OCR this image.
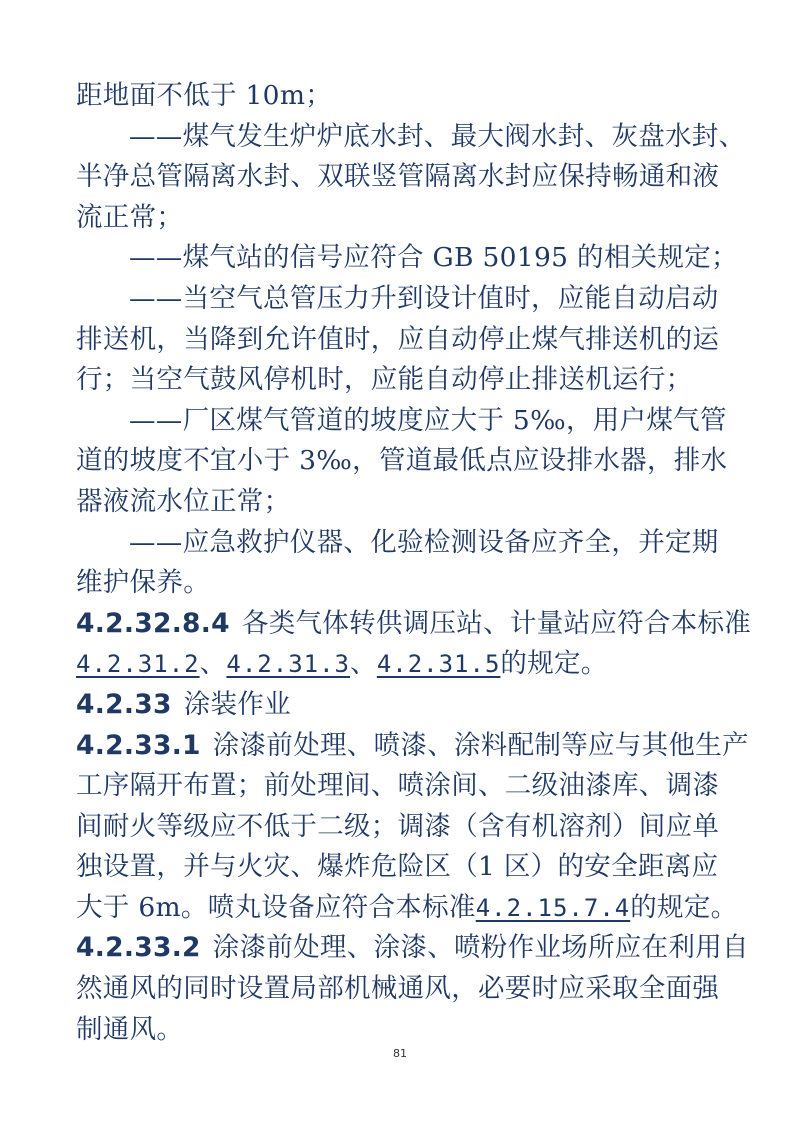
距地面不低于 10m；
——煤气发生炉炉底水封、最大阀水封、灰盘水封、
半净总管隔离水封、双联竖管隔离水封应保持畅通和液
流正常；
——煤气站的信号应符合 GB 50195 的相关规定；
——当空气总管压力升到设计值时，应能自动启动
排送机，当降到允许值时，应自动停止煤气排送机的运
行；当空气鼓风停机时，应能自动停止排送机运行；
——厂区煤气管道的坡度应大于 5‰，用户煤气管
道的坡度不宜小于 3‰，管道最低点应设排水器，排水
器液流水位正常；
——应急救护仪器、化验检测设备应齐全，并定期
维护保养。
4.2.32.8.4 各类气体转供调压站、计量站应符合本标准
4.2.31.2、4.2.31.3、4.2.31.5的规定。
4.2.33 涂装作业
4.2.33.1 涂漆前处理、喷漆、涂料配制等应与其他生产
工序隔开布置；前处理间、喷涂间、二级油漆库、调漆
间耐火等级应不低于二级；调漆（含有机溶剂）间应单
独设置，并与火灾、爆炸危险区（1 区）的安全距离应
大于 6m。喷丸设备应符合本标准4.2.15.7.4的规定。
4.2.33.2 涂漆前处理、涂漆、喷粉作业场所应在利用自
然通风的同时设置局部机械通风，必要时应采取全面强
制通风。
81
